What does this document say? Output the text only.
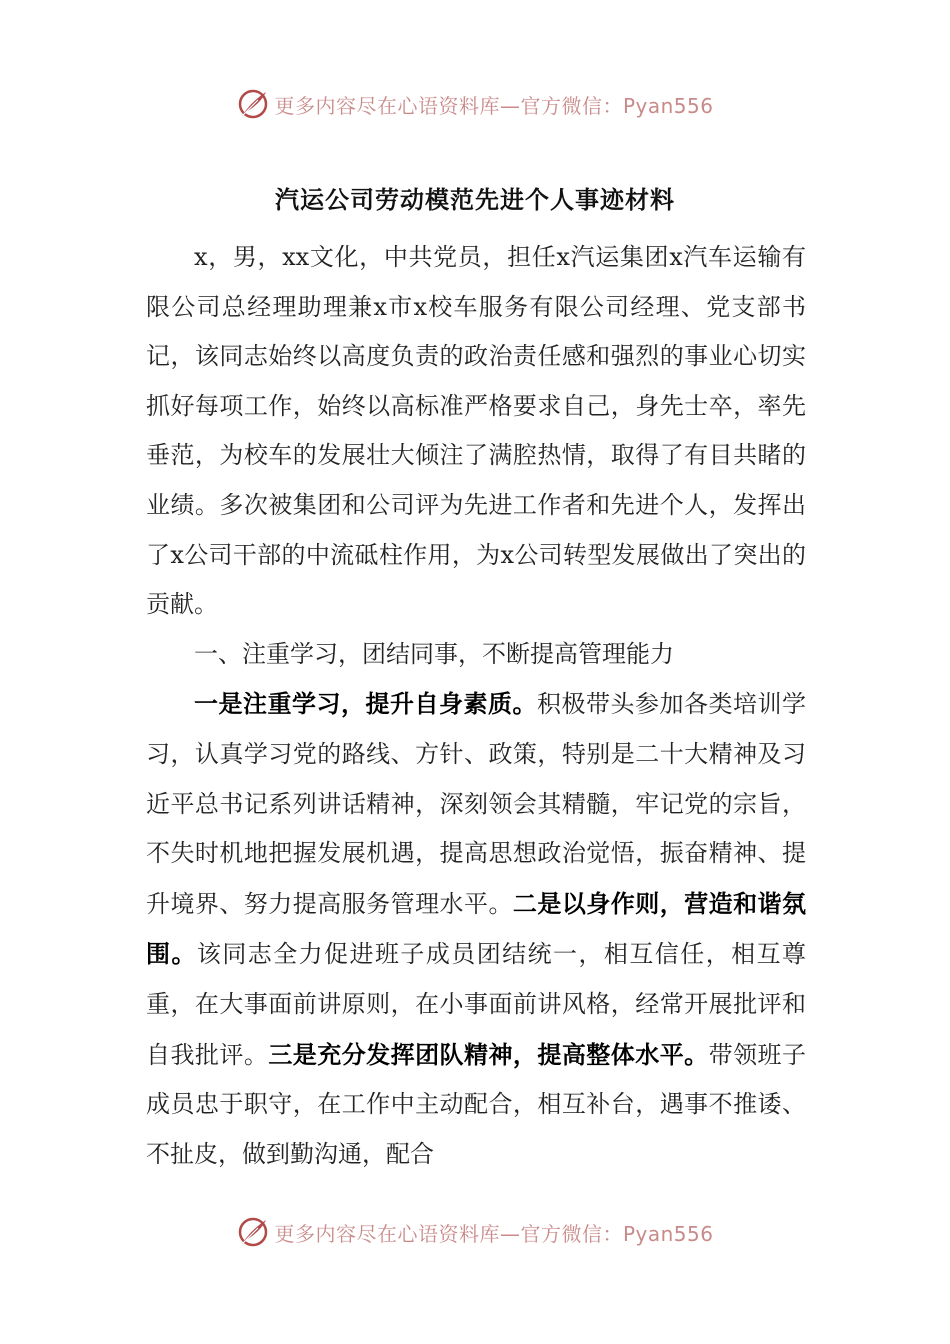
更多内容尽在心语资料库—官方微信：Pyan556
汽运公司劳动模范先进个人事迹材料

x，男，xx文化，中共党员，担任x汽运集团x汽车运输有限公司总经理助理兼x市x校车服务有限公司经理、党支部书记，该同志始终以高度负责的政治责任感和强烈的事业心切实抓好每项工作，始终以高标准严格要求自己，身先士卒，率先垂范，为校车的发展壮大倾注了满腔热情，取得了有目共睹的业绩。多次被集团和公司评为先进工作者和先进个人，发挥出了x公司干部的中流砥柱作用，为x公司转型发展做出了突出的贡献。

一、注重学习，团结同事，不断提高管理能力

一是注重学习，提升自身素质。积极带头参加各类培训学习，认真学习党的路线、方针、政策，特别是二十大精神及习近平总书记系列讲话精神，深刻领会其精髓，牢记党的宗旨，不失时机地把握发展机遇，提高思想政治觉悟，振奋精神、提升境界、努力提高服务管理水平。二是以身作则，营造和谐氛围。该同志全力促进班子成员团结统一，相互信任，相互尊重，在大事面前讲原则，在小事面前讲风格，经常开展批评和自我批评。三是充分发挥团队精神，提高整体水平。带领班子成员忠于职守，在工作中主动配合，相互补台，遇事不推诿、不扯皮，做到勤沟通，配合

更多内容尽在心语资料库—官方微信：Pyan556
